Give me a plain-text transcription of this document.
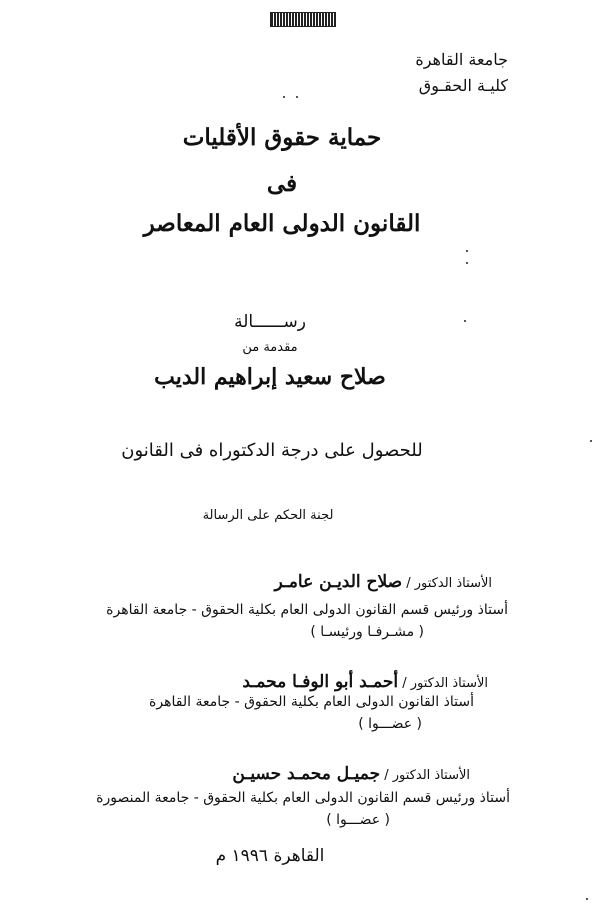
جامعة القاهرة
كليـة الحقـوق
حماية حقوق الأقليات
فى
القانون الدولى العام المعاصر
رســــــالة
مقدمة من
صلاح سعيد إبراهيم الديب
للحصول على درجة الدكتوراه فى القانون
لجنة الحكم على الرسالة
الأستاذ الدكتور / صلاح الديـن عامـر
أستاذ ورئيس قسم القانون الدولى العام بكلية الحقوق - جامعة القاهرة
( مشـرفـا ورئيسـا )
الأستاذ الدكتور / أحمـد أبو الوفـا محمـد
أستاذ القانون الدولى العام بكلية الحقوق - جامعة القاهرة
( عضـــوا )
الأستاذ الدكتور / جميـل محمـد حسيـن
أستاذ ورئيس قسم القانون الدولى العام بكلية الحقوق - جامعة المنصورة
( عضـــوا )
القاهرة ١٩٩٦ م
